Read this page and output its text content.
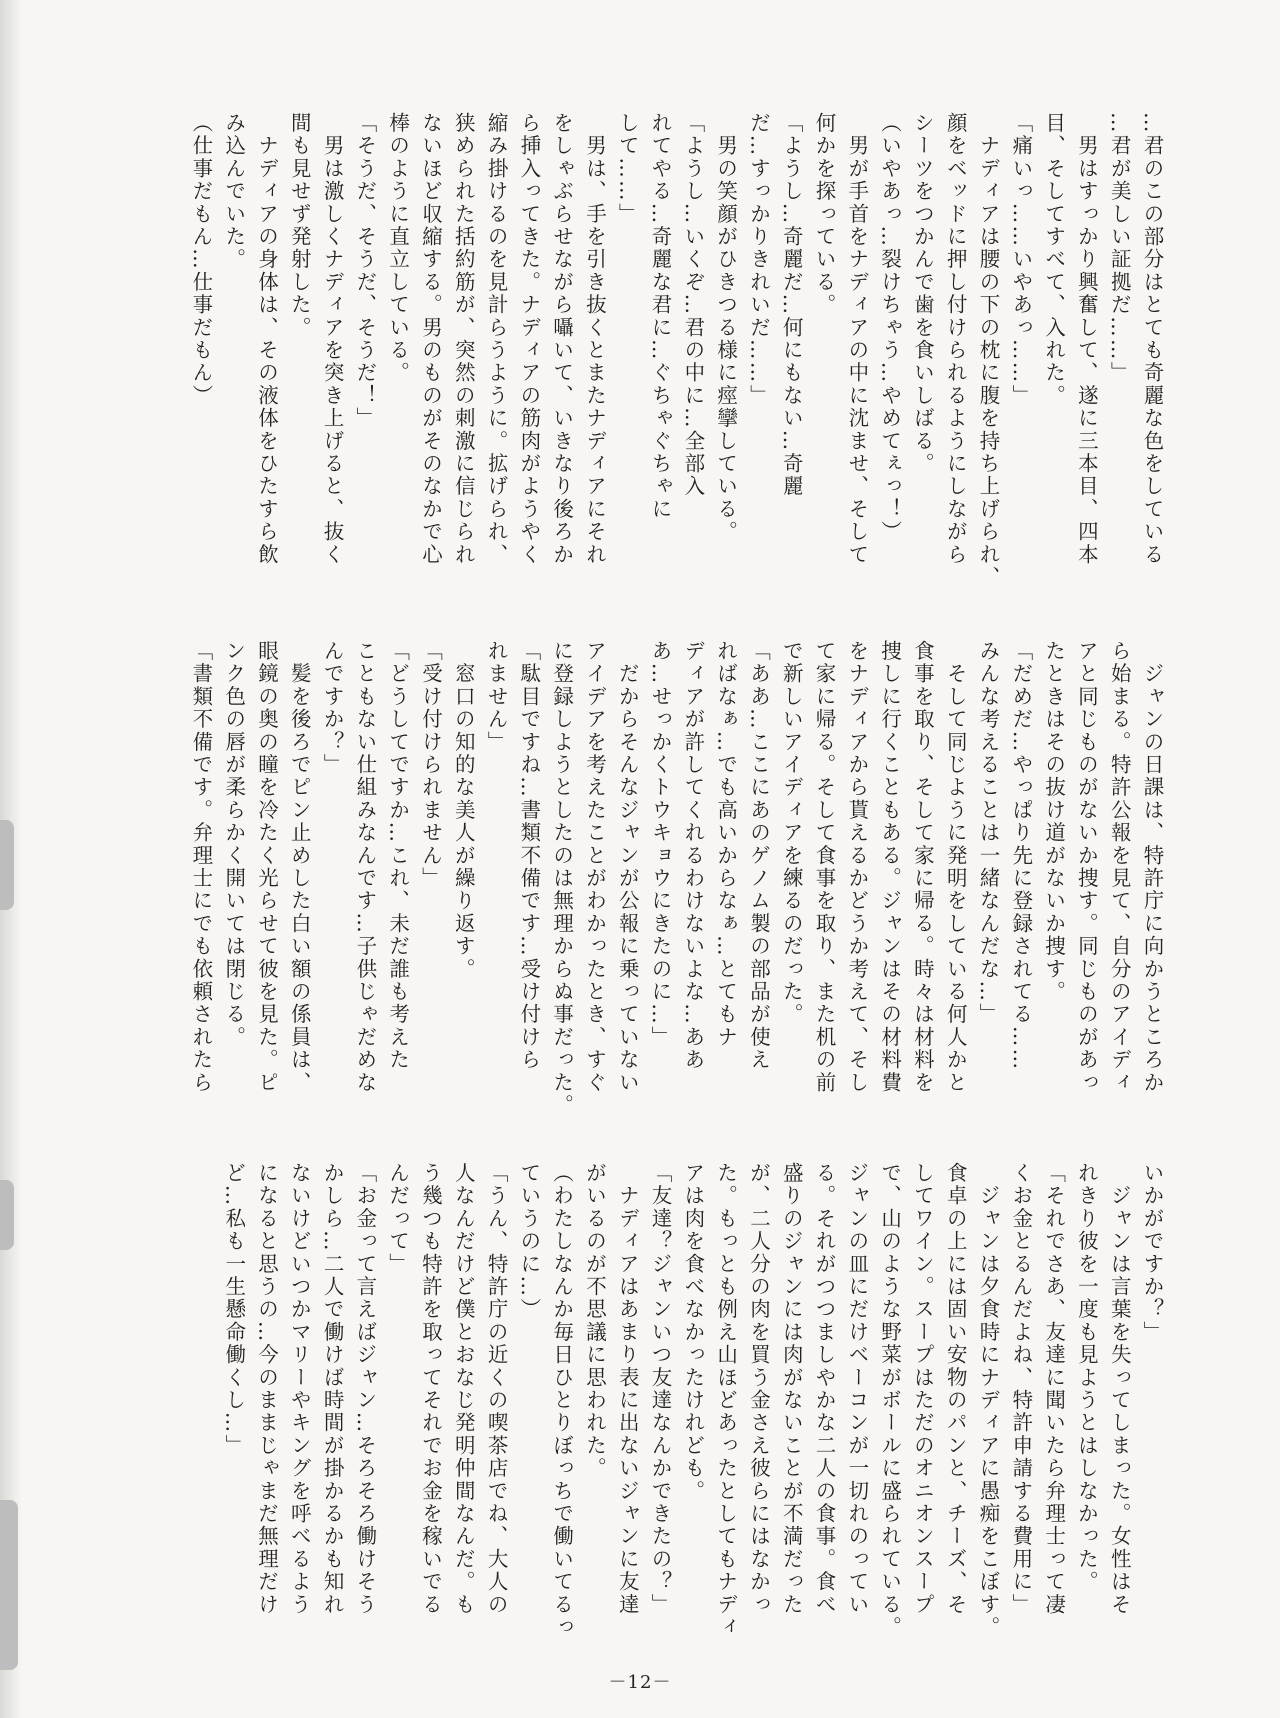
…君のこの部分はとても奇麗な色をしている
…君が美しい証拠だ……」
　男はすっかり興奮して、遂に三本目、四本
目、そしてすべて、入れた。
「痛いっ……いやあっ……」
　ナディアは腰の下の枕に腹を持ち上げられ、
顔をベッドに押し付けられるようにしながら
シーツをつかんで歯を食いしばる。
（いやあっ…裂けちゃう…やめてぇっ！）
　男が手首をナディアの中に沈ませ、そして
何かを探っている。
「ようし…奇麗だ…何にもない…奇麗
だ…すっかりきれいだ……」
　男の笑顔がひきつる様に痙攣している。
「ようし…いくぞ…君の中に…全部入
れてやる…奇麗な君に…ぐちゃぐちゃに
して……」
　男は、手を引き抜くとまたナディアにそれ
をしゃぶらせながら囁いて、いきなり後ろか
ら挿入ってきた。ナディアの筋肉がようやく
縮み掛けるのを見計らうように。拡げられ、
狭められた括約筋が、突然の刺激に信じられ
ないほど収縮する。男のものがそのなかで心
棒のように直立している。
「そうだ、そうだ、そうだ！」
　男は激しくナディアを突き上げると、抜く
間も見せず発射した。
　ナディアの身体は、その液体をひたすら飲
み込んでいた。
（仕事だもん…仕事だもん）
　ジャンの日課は、特許庁に向かうところか
ら始まる。特許公報を見て、自分のアイディ
アと同じものがないか捜す。同じものがあっ
たときはその抜け道がないか捜す。
「だめだ…やっぱり先に登録されてる……
みんな考えることは一緒なんだな…」
　そして同じように発明をしている何人かと
食事を取り、そして家に帰る。時々は材料を
捜しに行くこともある。ジャンはその材料費
をナディアから貰えるかどうか考えて、そし
て家に帰る。そして食事を取り、また机の前
で新しいアイディアを練るのだった。
「ああ…ここにあのゲノム製の部品が使え
ればなぁ…でも高いからなぁ…とてもナ
ディアが許してくれるわけないよな…ああ
あ…せっかくトウキョウにきたのに…」
　だからそんなジャンが公報に乗っていない
アイデアを考えたことがわかったとき、すぐ
に登録しようとしたのは無理からぬ事だった。
「駄目ですね…書類不備です…受け付けら
れません」
　窓口の知的な美人が繰り返す。
「受け付けられません」
「どうしてですか…これ、未だ誰も考えた
こともない仕組みなんです…子供じゃだめな
んですか？」
　髪を後ろでピン止めした白い額の係員は、
眼鏡の奥の瞳を冷たく光らせて彼を見た。ピ
ンク色の唇が柔らかく開いては閉じる。
「書類不備です。弁理士にでも依頼されたら
いかがですか？」
　ジャンは言葉を失ってしまった。女性はそ
れきり彼を一度も見ようとはしなかった。
「それでさあ、友達に聞いたら弁理士って凄
くお金とるんだよね、特許申請する費用に」
　ジャンは夕食時にナディアに愚痴をこぼす。
食卓の上には固い安物のパンと、チーズ、そ
してワイン。スープはただのオニオンスープ
で、山のような野菜がボールに盛られている。
ジャンの皿にだけベーコンが一切れのってい
る。それがつつましやかな二人の食事。食べ
盛りのジャンには肉がないことが不満だった
が、二人分の肉を買う金さえ彼らにはなかっ
た。もっとも例え山ほどあったとしてもナディ
アは肉を食べなかったけれども。
「友達？ジャンいつ友達なんかできたの？」
　ナディアはあまり表に出ないジャンに友達
がいるのが不思議に思われた。
（わたしなんか毎日ひとりぼっちで働いてるっ
ていうのに…）
「うん、特許庁の近くの喫茶店でね、大人の
人なんだけど僕とおなじ発明仲間なんだ。も
う幾つも特許を取ってそれでお金を稼いでる
んだって」
「お金って言えばジャン…そろそろ働けそう
かしら…二人で働けば時間が掛かるかも知れ
ないけどいつかマリーやキングを呼べるよう
になると思うの…今のままじゃまだ無理だけ
ど…私も一生懸命働くし…」
－12－
